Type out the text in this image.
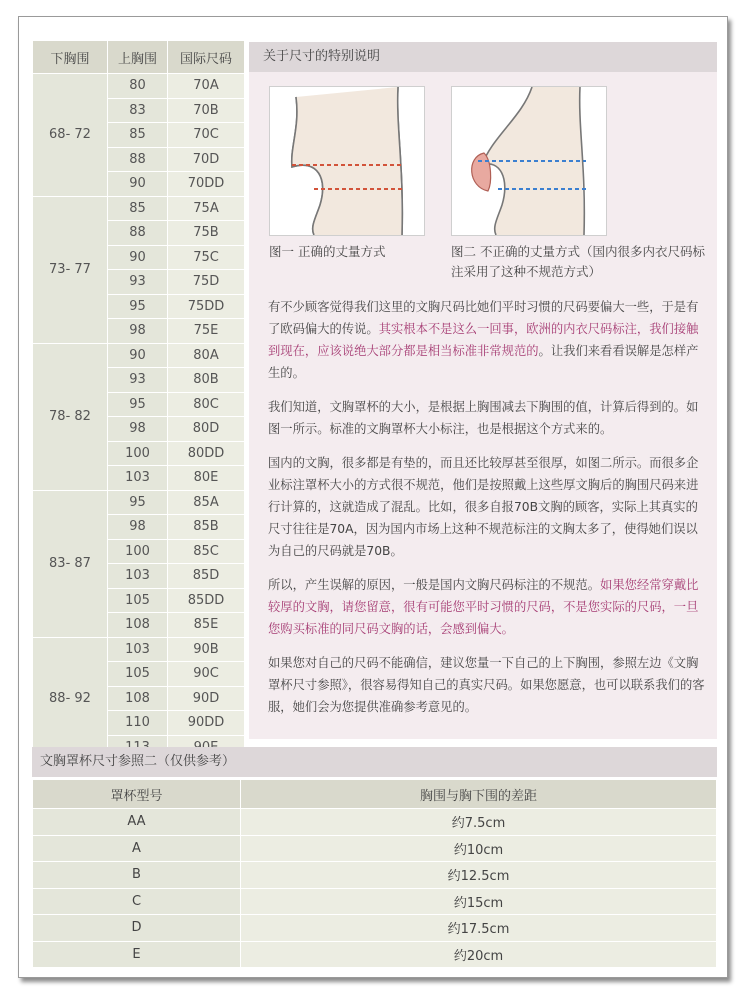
下胸围	上胸围	国际尺码
68- 72	80	70A
	83	70B
	85	70C
	88	70D
	90	70DD
73- 77	85	75A
	88	75B
	90	75C
	93	75D
	95	75DD
	98	75E
78- 82	90	80A
	93	80B
	95	80C
	98	80D
	100	80DD
	103	80E
83- 87	95	85A
	98	85B
	100	85C
	103	85D
	105	85DD
	108	85E
88- 92	103	90B
	105	90C
	108	90D
	110	90DD

关于尺寸的特别说明
图一 正确的丈量方式	图二 不正确的丈量方式（国内很多内衣尺码标注采用了这种不规范方式）

有不少顾客觉得我们这里的文胸尺码比她们平时习惯的尺码要偏大一些，于是有了欧码偏大的传说。其实根本不是这么一回事，欧洲的内衣尺码标注，我们接触到现在，应该说绝大部分都是相当标准非常规范的。让我们来看看误解是怎样产生的。

我们知道，文胸罩杯的大小，是根据上胸围减去下胸围的值，计算后得到的。如图一所示。标准的文胸罩杯大小标注，也是根据这个方式来的。

国内的文胸，很多都是有垫的，而且还比较厚甚至很厚，如图二所示。而很多企业标注罩杯大小的方式很不规范，他们是按照戴上这些厚文胸后的胸围尺码来进行计算的，这就造成了混乱。比如，很多自报70B文胸的顾客，实际上其真实的尺寸往往是70A，因为国内市场上这种不规范标注的文胸太多了，使得她们误以为自己的尺码就是70B。

所以，产生误解的原因，一般是国内文胸尺码标注的不规范。如果您经常穿戴比较厚的文胸，请您留意，很有可能您平时习惯的尺码，不是您实际的尺码，一旦您购买标准的同尺码文胸的话，会感到偏大。

如果您对自己的尺码不能确信，建议您量一下自己的上下胸围，参照左边《文胸罩杯尺寸参照》，很容易得知自己的真实尺码。如果您愿意，也可以联系我们的客服，她们会为您提供准确参考意见的。

文胸罩杯尺寸参照二（仅供参考）
罩杯型号	胸围与胸下围的差距
AA	约7.5cm
A	约10cm
B	约12.5cm
C	约15cm
D	约17.5cm
E	约20cm
